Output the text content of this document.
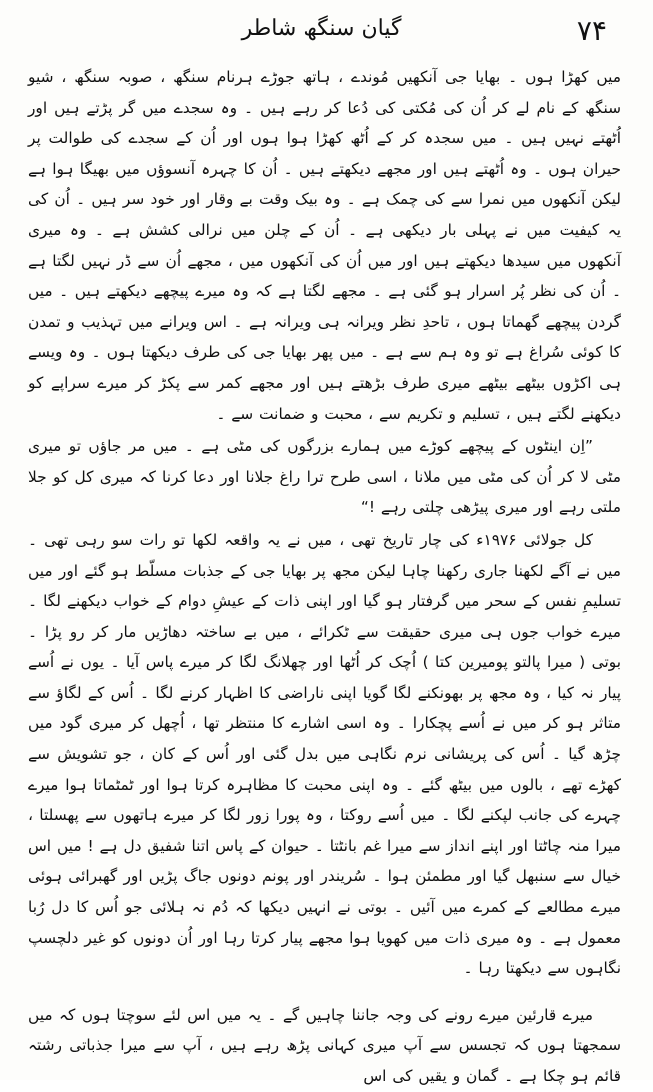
۷۴
گیان سنگھ شاطر

میں کھڑا ہوں ۔ بھایا جی آنکھیں مُوندے ، ہاتھ جوڑے ہرنام سنگھ ، صوبہ سنگھ ، شیو سنگھ کے نام لے کر اُن کی مُکتی کی دُعا کر رہے ہیں ۔ وہ سجدے میں گر پڑتے ہیں اور اُٹھتے نہیں ہیں ۔ میں سجدہ کر کے اُٹھ کھڑا ہوا ہوں اور اُن کے سجدے کی طوالت پر حیران ہوں ۔ وہ اُٹھتے ہیں اور مجھے دیکھتے ہیں ۔ اُن کا چہرہ آنسوؤں میں بھیگا ہوا ہے لیکن آنکھوں میں نمرا سے کی چمک ہے ۔ وہ بیک وقت بے وقار اور خود سر ہیں ۔ اُن کی یہ کیفیت میں نے پہلی بار دیکھی ہے ۔ اُن کے چلن میں نرالی کشش ہے ۔ وہ میری آنکھوں میں سیدھا دیکھتے ہیں اور میں اُن کی آنکھوں میں ، مجھے اُن سے ڈر نہیں لگتا ہے ۔ اُن کی نظر پُر اسرار ہو گئی ہے ۔ مجھے لگتا ہے کہ وہ میرے پیچھے دیکھتے ہیں ۔ میں گردن پیچھے گھماتا ہوں ، تاحدِ نظر ویرانہ ہی ویرانہ ہے ۔ اس ویرانے میں تہذیب و تمدن کا کوئی سُراغ ہے تو وہ ہم سے ہے ۔ میں پھر بھایا جی کی طرف دیکھتا ہوں ۔ وہ ویسے ہی اکڑوں بیٹھے بیٹھے میری طرف بڑھتے ہیں اور مجھے کمر سے پکڑ کر میرے سراپے کو دیکھنے لگتے ہیں ، تسلیم و تکریم سے ، محبت و ضمانت سے ۔

”اِن اینٹوں کے پیچھے کوڑے میں ہمارے بزرگوں کی مٹی ہے ۔ میں مر جاؤں تو میری مٹی لا کر اُن کی مٹی میں ملانا ، اسی طرح ترا راغ جلانا اور دعا کرنا کہ میری کل کو جلا ملتی رہے اور میری پیڑھی چلتی رہے !“

کل جولائی ۱۹۷۶ء کی چار تاریخ تھی ، میں نے یہ واقعہ لکھا تو رات سو رہی تھی ۔ میں نے آگے لکھنا جاری رکھنا چاہا لیکن مجھ پر بھایا جی کے جذبات مسلّط ہو گئے اور میں تسلیمِ نفس کے سحر میں گرفتار ہو گیا اور اپنی ذات کے عیشِ دوام کے خواب دیکھنے لگا ۔ میرے خواب جوں ہی میری حقیقت سے ٹکرائے ، میں بے ساختہ دھاڑیں مار کر رو پڑا ۔ بوتی ( میرا پالتو پومیرین کتا ) اُچک کر اُٹھا اور چھلانگ لگا کر میرے پاس آیا ۔ یوں نے اُسے پیار نہ کیا ، وہ مجھ پر بھونکنے لگا گویا اپنی ناراضی کا اظہار کرنے لگا ۔ اُس کے لگاؤ سے متاثر ہو کر میں نے اُسے پچکارا ۔ وہ اسی اشارے کا منتظر تھا ، اُچھل کر میری گود میں چڑھ گیا ۔ اُس کی پریشانی نرم نگاہی میں بدل گئی اور اُس کے کان ، جو تشویش سے کھڑے تھے ، بالوں میں بیٹھ گئے ۔ وہ اپنی محبت کا مظاہرہ کرتا ہوا اور ٹمٹماتا ہوا میرے چہرے کی جانب لپکنے لگا ۔ میں اُسے روکتا ، وہ پورا زور لگا کر میرے ہاتھوں سے پھسلتا ، میرا منہ چاٹتا اور اپنے انداز سے میرا غم بانٹتا ۔ حیوان کے پاس اتنا شفیق دل ہے ! میں اس خیال سے سنبھل گیا اور مطمئن ہوا ۔ سُریندر اور پونم دونوں جاگ پڑیں اور گھبرائی ہوئی میرے مطالعے کے کمرے میں آئیں ۔ بوتی نے انہیں دیکھا کہ دُم نہ ہلائی جو اُس کا دل رُبا معمول ہے ۔ وہ میری ذات میں کھویا ہوا مجھے پیار کرتا رہا اور اُن دونوں کو غیر دلچسپ نگاہوں سے دیکھتا رہا ۔

میرے قارئین میرے رونے کی وجہ جاننا چاہیں گے ۔ یہ میں اس لئے سوچتا ہوں کہ میں سمجھتا ہوں کہ تجسس سے آپ میری کہانی پڑھ رہے ہیں ، آپ سے میرا جذباتی رشتہ قائم ہو چکا ہے ۔ گمان و یقیں کی اس
